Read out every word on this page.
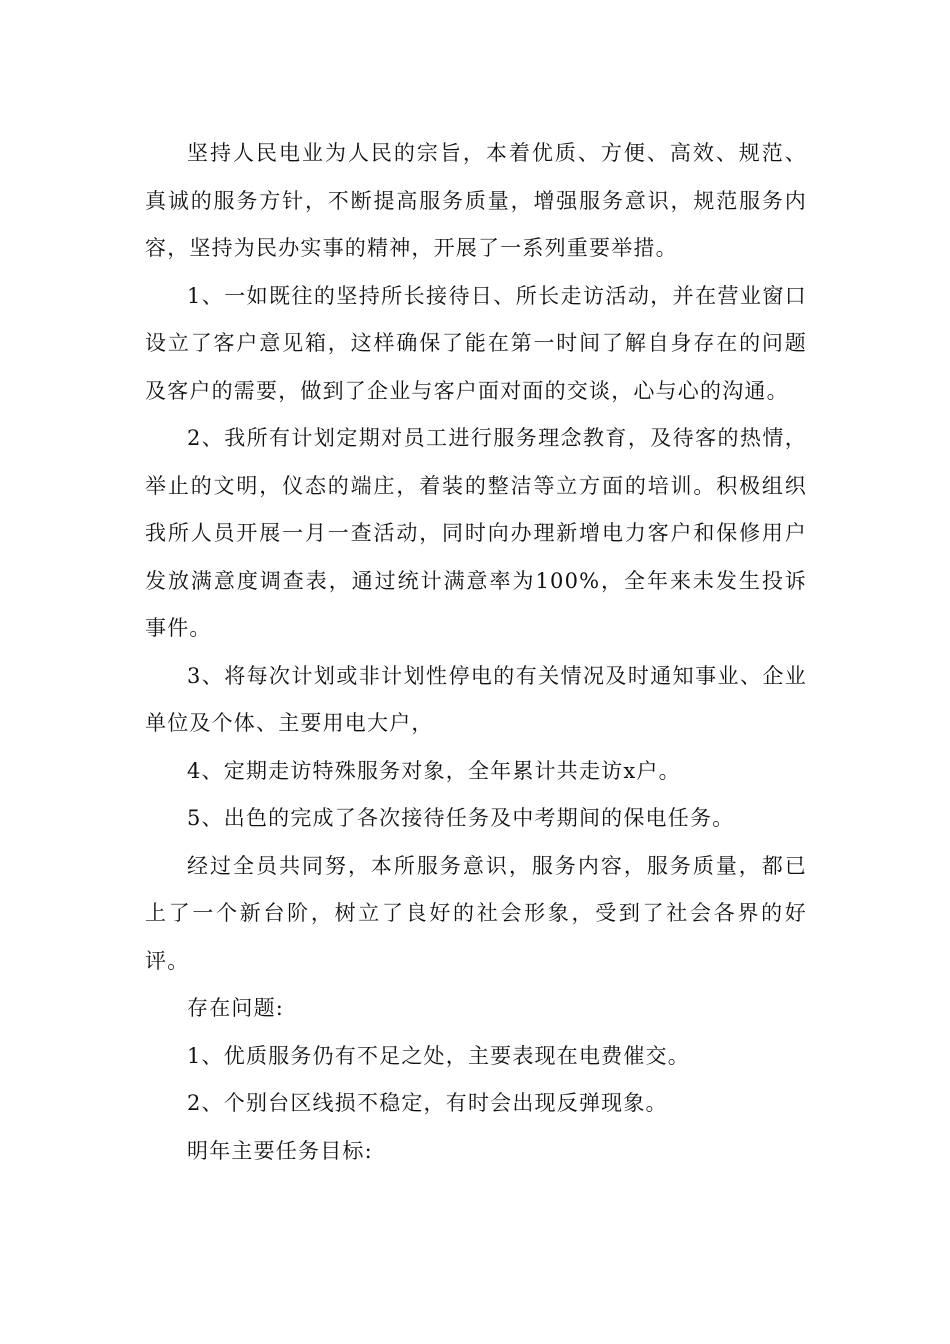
坚持人民电业为人民的宗旨，本着优质、方便、高效、规范、真诚的服务方针，不断提高服务质量，增强服务意识，规范服务内容，坚持为民办实事的精神，开展了一系列重要举措。

1、一如既往的坚持所长接待日、所长走访活动，并在营业窗口设立了客户意见箱，这样确保了能在第一时间了解自身存在的问题及客户的需要，做到了企业与客户面对面的交谈，心与心的沟通。

2、我所有计划定期对员工进行服务理念教育，及待客的热情，举止的文明，仪态的端庄，着装的整洁等立方面的培训。积极组织我所人员开展一月一查活动，同时向办理新增电力客户和保修用户发放满意度调查表，通过统计满意率为100%，全年来未发生投诉事件。

3、将每次计划或非计划性停电的有关情况及时通知事业、企业单位及个体、主要用电大户，

4、定期走访特殊服务对象，全年累计共走访x户。

5、出色的完成了各次接待任务及中考期间的保电任务。

经过全员共同努，本所服务意识，服务内容，服务质量，都已上了一个新台阶，树立了良好的社会形象，受到了社会各界的好评。

存在问题:

1、优质服务仍有不足之处，主要表现在电费催交。

2、个别台区线损不稳定，有时会出现反弹现象。

明年主要任务目标:
